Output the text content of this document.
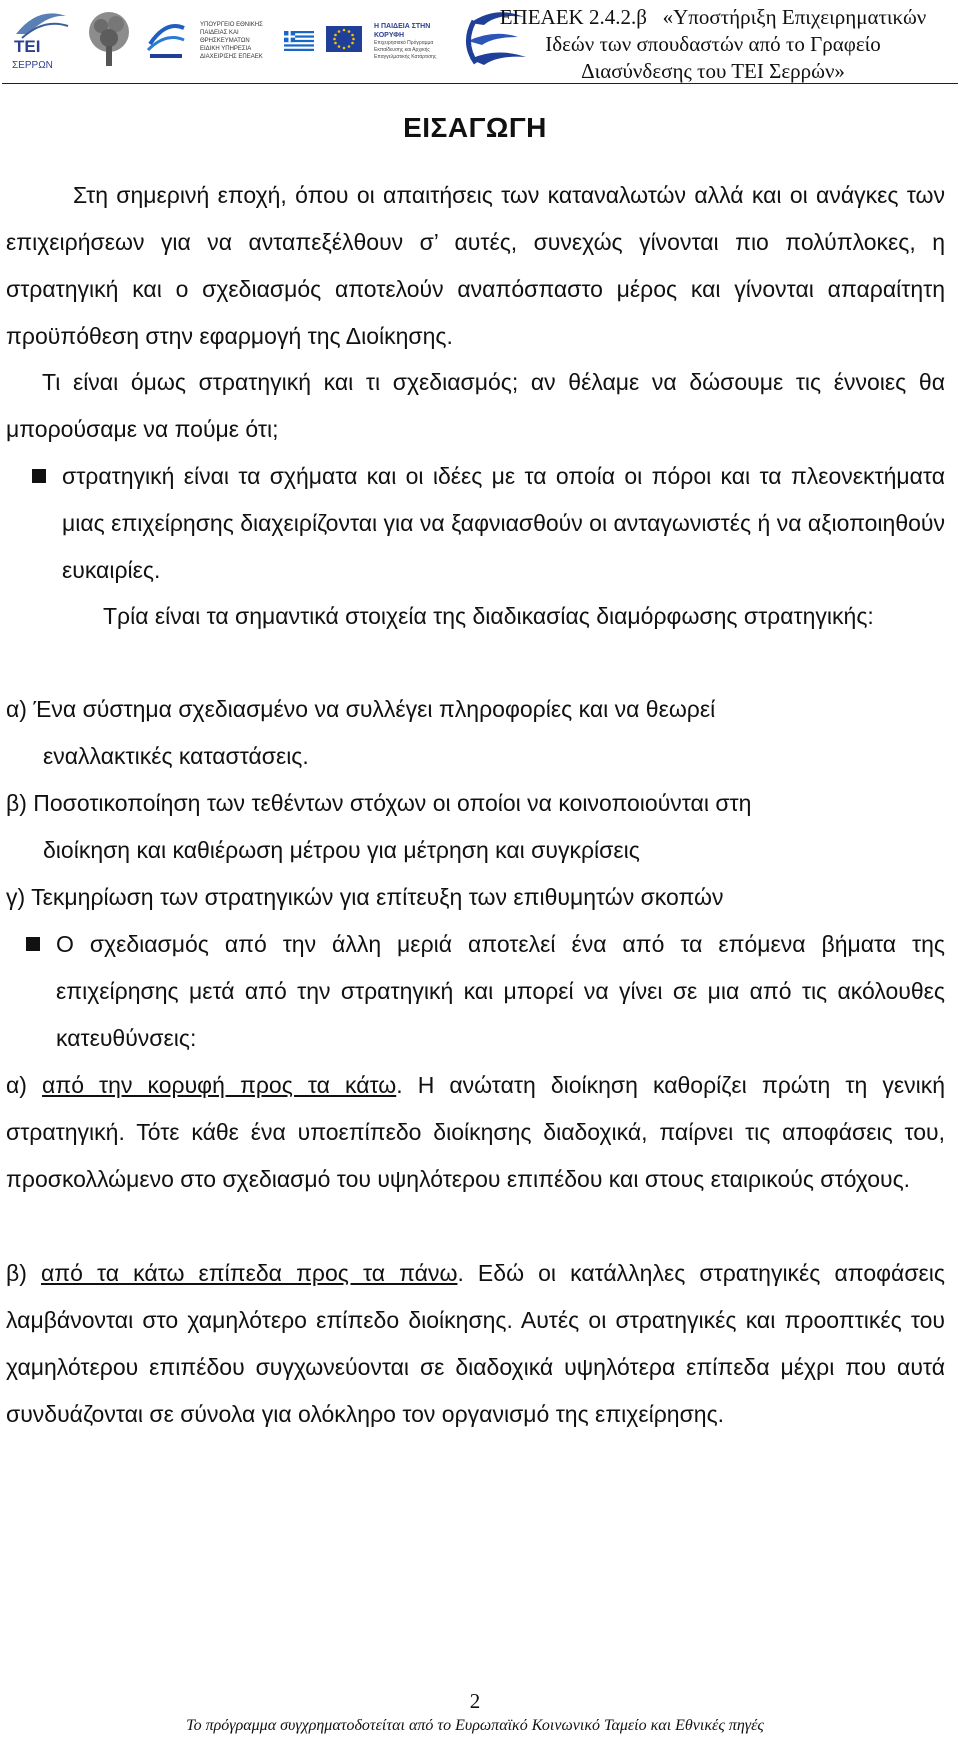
ΤΕΙ
ΣΕΡΡΩΝ
ΥΠΟΥΡΓΕΙΟ ΕΘΝΙΚΗΣ ΠΑΙΔΕΙΑΣ ΚΑΙ ΘΡΗΣΚΕΥΜΑΤΩΝ
ΕΙΔΙΚΗ ΥΠΗΡΕΣΙΑ ΔΙΑΧΕΙΡΙΣΗΣ ΕΠΕΑΕΚ
Η ΠΑΙΔΕΙΑ ΣΤΗΝ ΚΟΡΥΦΗ
Επιχειρησιακό Πρόγραμμα Εκπαίδευσης και Αρχικής Επαγγελματικής Κατάρτισης
ΕΠΕΑΕΚ 2.4.2.β   «Υποστήριξη Επιχειρηματικών
Ιδεών των σπουδαστών από το Γραφείο
Διασύνδεσης του ΤΕΙ Σερρών»
ΕΙΣΑΓΩΓΗ

Στη σημερινή εποχή, όπου οι απαιτήσεις των καταναλωτών αλλά και οι ανάγκες των επιχειρήσεων για να ανταπεξέλθουν σ’ αυτές, συνεχώς γίνονται πιο πολύπλοκες, η στρατηγική και ο σχεδιασμός αποτελούν αναπόσπαστο μέρος και γίνονται απαραίτητη προϋπόθεση στην εφαρμογή της Διοίκησης.

Τι είναι όμως στρατηγική και τι σχεδιασμός; αν θέλαμε να δώσουμε τις έννοιες θα μπορούσαμε να πούμε ότι;

στρατηγική είναι τα σχήματα και οι ιδέες με τα οποία οι πόροι και τα πλεονεκτήματα μιας επιχείρησης διαχειρίζονται για να ξαφνιασθούν οι ανταγωνιστές ή να αξιοποιηθούν ευκαιρίες.

Τρία είναι τα σημαντικά στοιχεία της διαδικασίας διαμόρφωσης στρατηγικής:

α) Ένα σύστημα σχεδιασμένο να συλλέγει πληροφορίες και να θεωρεί
εναλλακτικές καταστάσεις.
β) Ποσοτικοποίηση των τεθέντων στόχων οι οποίοι να κοινοποιούνται στη
διοίκηση και καθιέρωση μέτρου για μέτρηση και συγκρίσεις
γ) Τεκμηρίωση των στρατηγικών για επίτευξη των επιθυμητών σκοπών

Ο σχεδιασμός από την άλλη μεριά αποτελεί ένα από τα επόμενα βήματα της επιχείρησης μετά από την στρατηγική και μπορεί να γίνει σε μια από τις ακόλουθες κατευθύνσεις:

α) από την κορυφή προς τα κάτω. Η ανώτατη διοίκηση καθορίζει πρώτη τη γενική στρατηγική. Τότε κάθε ένα υποεπίπεδο διοίκησης διαδοχικά, παίρνει τις αποφάσεις του, προσκολλώμενο στο σχεδιασμό του υψηλότερου επιπέδου και στους εταιρικούς στόχους.

β) από τα κάτω επίπεδα προς τα πάνω. Εδώ οι κατάλληλες στρατηγικές αποφάσεις λαμβάνονται στο χαμηλότερο επίπεδο διοίκησης. Αυτές οι στρατηγικές και προοπτικές του χαμηλότερου επιπέδου συγχωνεύονται σε διαδοχικά υψηλότερα επίπεδα μέχρι που αυτά συνδυάζονται σε σύνολα για ολόκληρο τον οργανισμό της επιχείρησης.

2
Το πρόγραμμα συγχρηματοδοτείται από το Ευρωπαϊκό Κοινωνικό Ταμείο και Εθνικές πηγές
